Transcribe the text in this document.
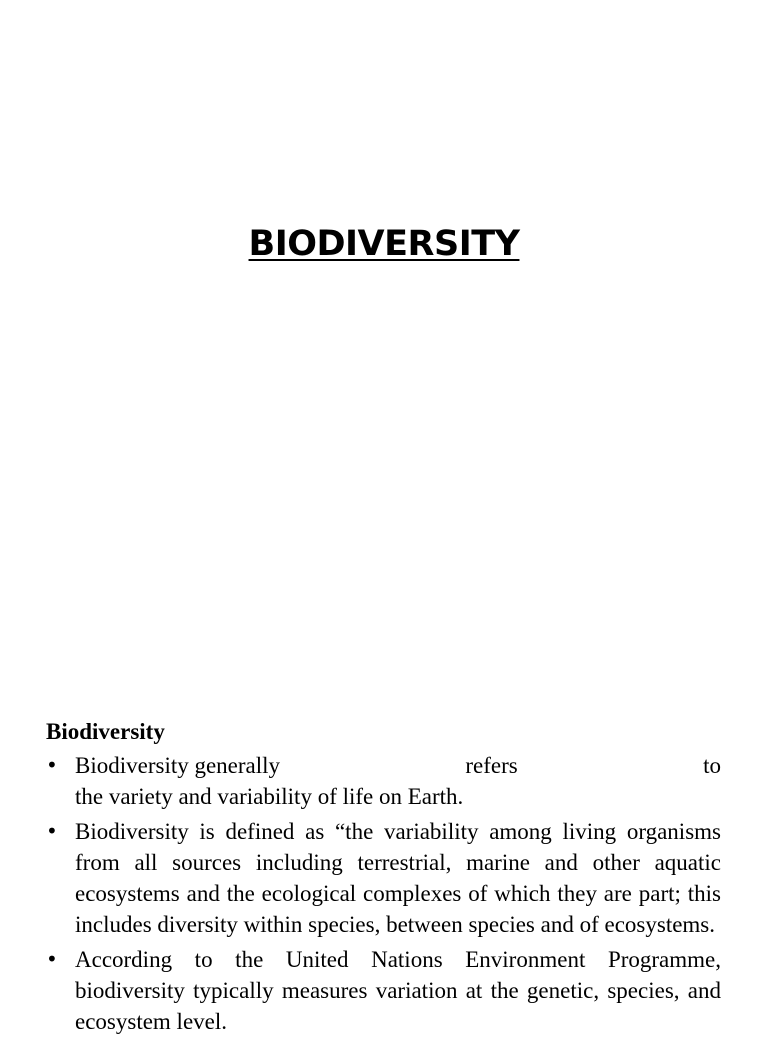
BIODIVERSITY
Biodiversity
• Biodiversity generally	refers	to
the variety and variability of life on Earth.
• Biodiversity is defined as “the variability among living organisms from all sources including terrestrial, marine and other aquatic ecosystems and the ecological complexes of which they are part; this includes diversity within species, between species and of ecosystems.
• According to the United Nations Environment Programme, biodiversity typically measures variation at the genetic, species, and ecosystem level.
